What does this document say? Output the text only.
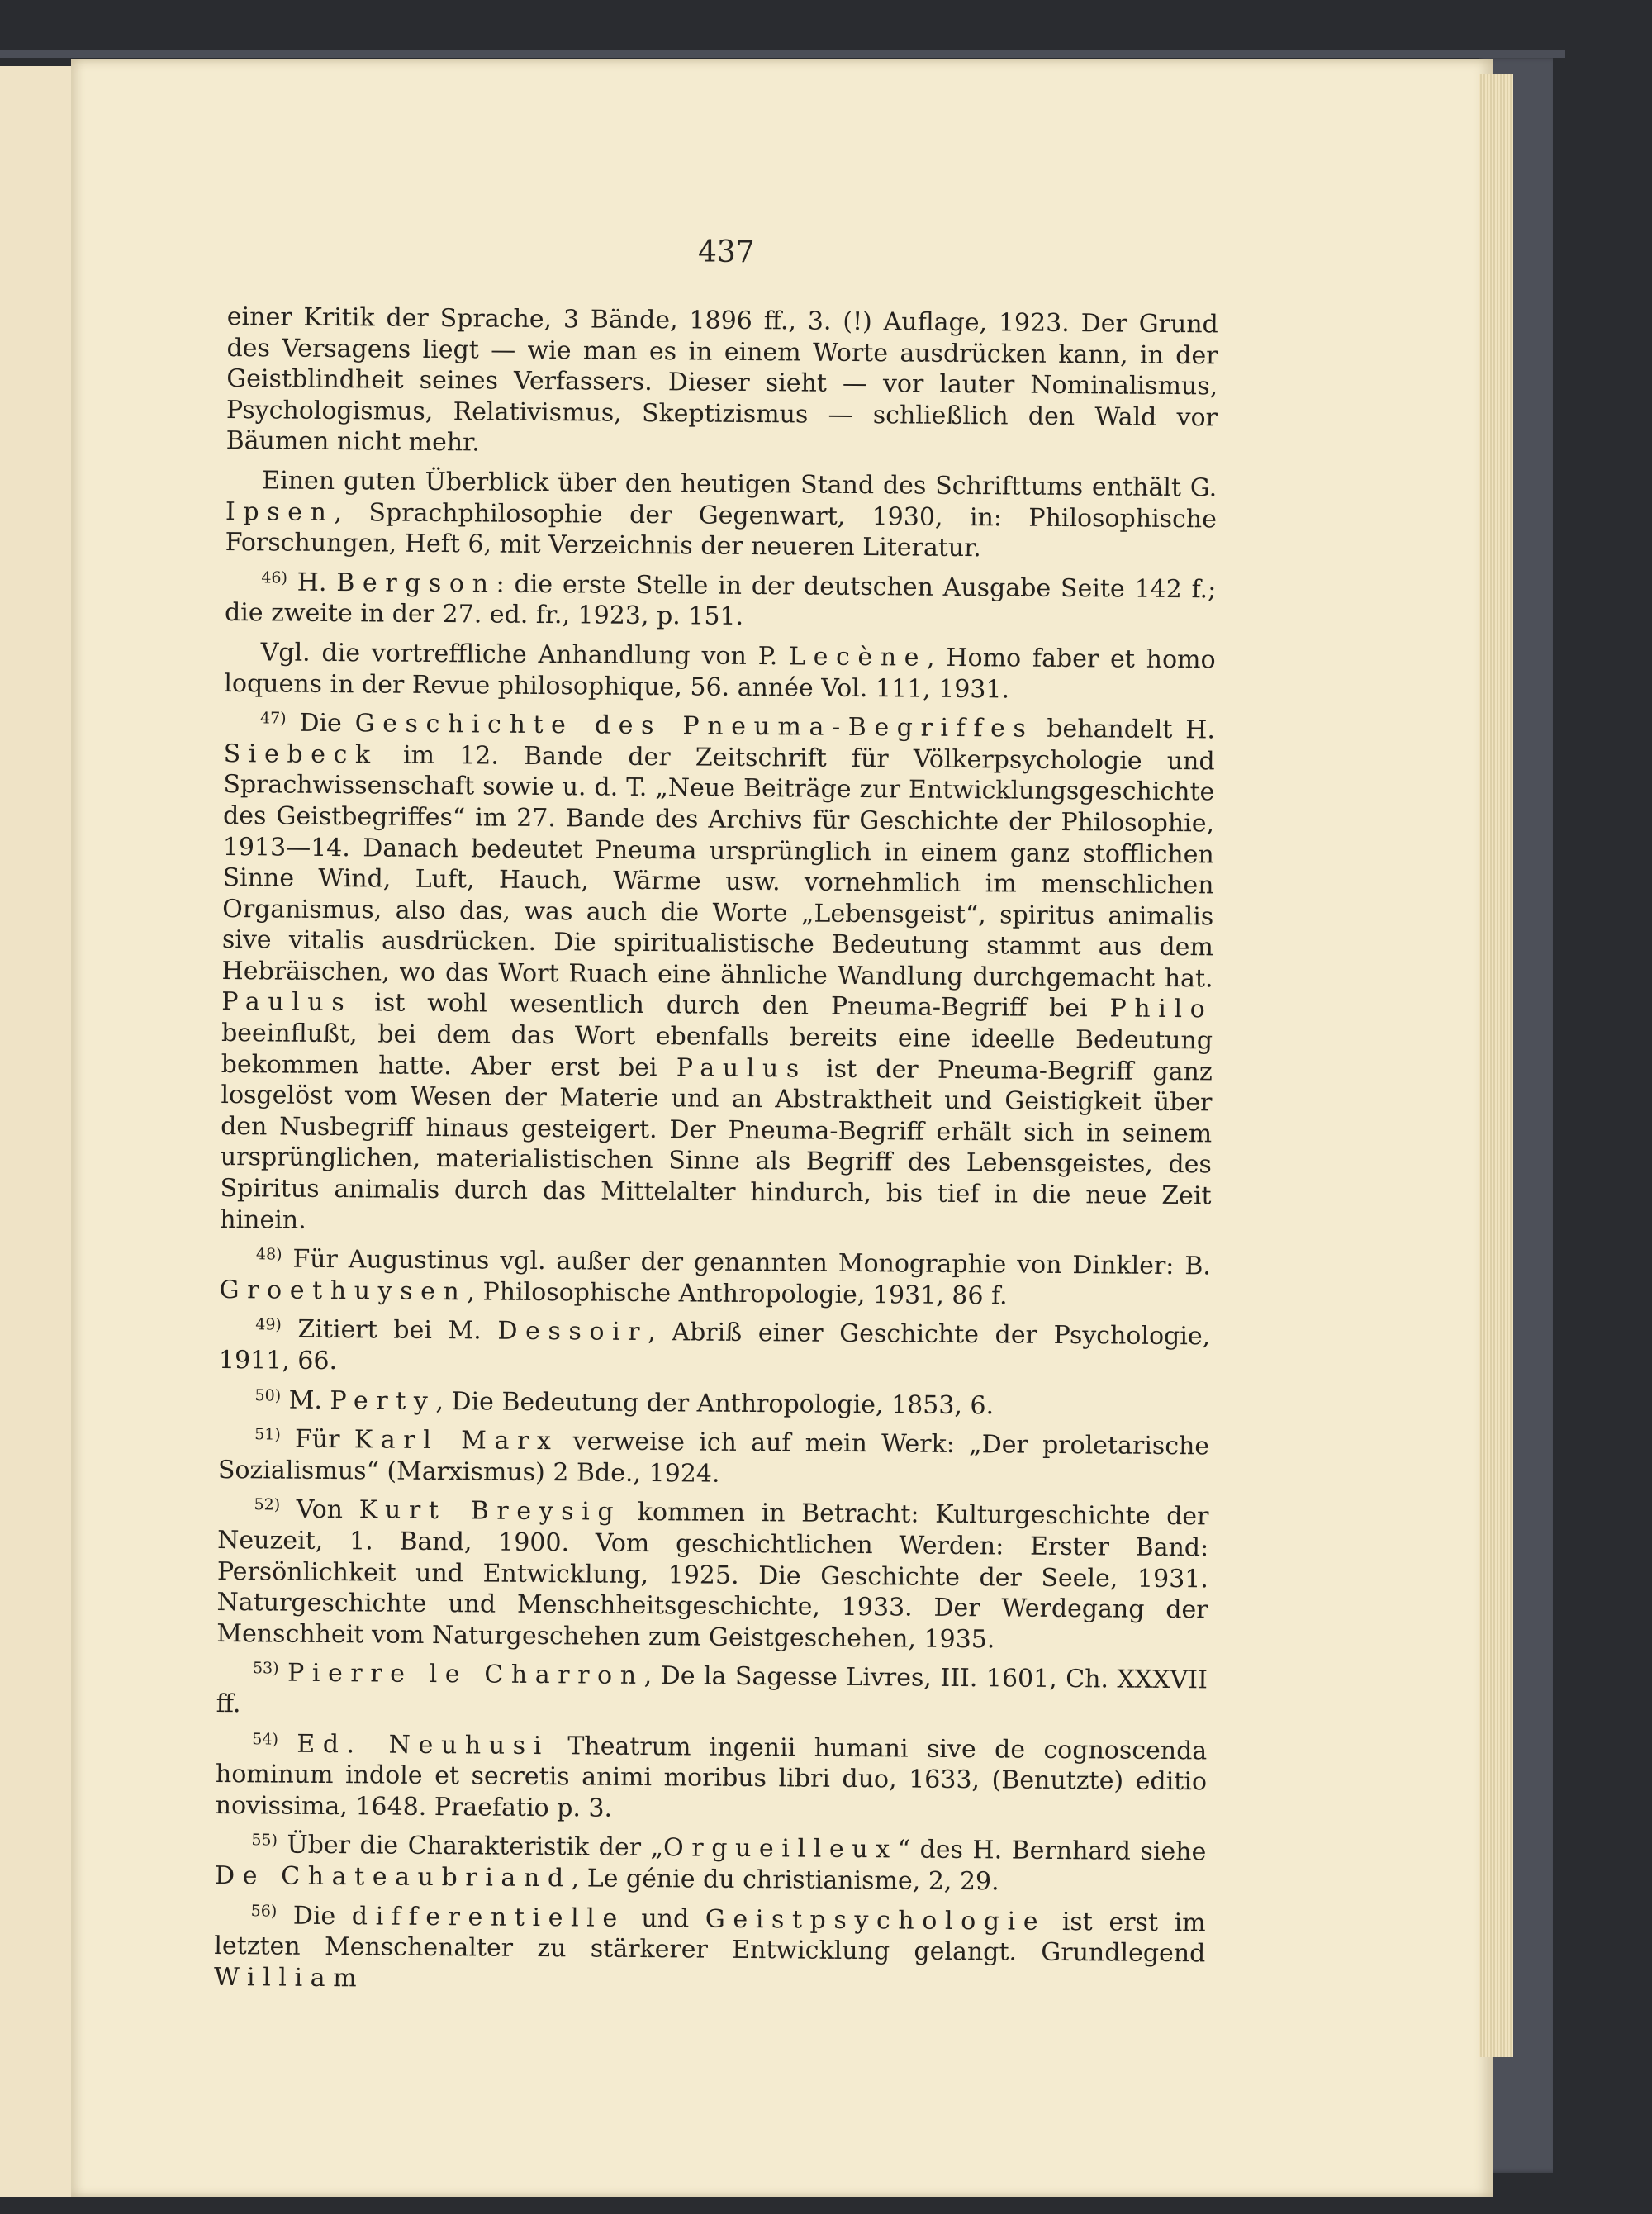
437

einer Kritik der Sprache, 3 Bände, 1896 ff., 3. (!) Auflage, 1923. Der Grund des Versagens liegt — wie man es in einem Worte ausdrücken kann, in der Geistblindheit seines Verfassers. Dieser sieht — vor lauter Nominalismus, Psychologismus, Relativismus, Skeptizismus — schließlich den Wald vor Bäumen nicht mehr.

Einen guten Überblick über den heutigen Stand des Schrifttums enthält G. Ipsen, Sprachphilosophie der Gegenwart, 1930, in: Philosophische Forschungen, Heft 6, mit Verzeichnis der neueren Literatur.

$^{46)}$ H. Bergson: die erste Stelle in der deutschen Ausgabe Seite 142 f.; die zweite in der 27. ed. fr., 1923, p. 151.

Vgl. die vortreffliche Anhandlung von P. Lecène, Homo faber et homo loquens in der Revue philosophique, 56. année Vol. 111, 1931.

$^{47)}$ Die Geschichte des Pneuma-Begriffes behandelt H. Siebeck im 12. Bande der Zeitschrift für Völkerpsychologie und Sprachwissenschaft sowie u. d. T. „Neue Beiträge zur Entwicklungsgeschichte des Geistbegriffes“ im 27. Bande des Archivs für Geschichte der Philosophie, 1913—14. Danach bedeutet Pneuma ursprünglich in einem ganz stofflichen Sinne Wind, Luft, Hauch, Wärme usw. vornehmlich im menschlichen Organismus, also das, was auch die Worte „Lebensgeist“, spiritus animalis sive vitalis ausdrücken. Die spiritualistische Bedeutung stammt aus dem Hebräischen, wo das Wort Ruach eine ähnliche Wandlung durchgemacht hat. Paulus ist wohl wesentlich durch den Pneuma-Begriff bei Philo beeinflußt, bei dem das Wort ebenfalls bereits eine ideelle Bedeutung bekommen hatte. Aber erst bei Paulus ist der Pneuma-Begriff ganz losgelöst vom Wesen der Materie und an Abstraktheit und Geistigkeit über den Nusbegriff hinaus gesteigert. Der Pneuma-Begriff erhält sich in seinem ursprünglichen, materialistischen Sinne als Begriff des Lebensgeistes, des Spiritus animalis durch das Mittelalter hindurch, bis tief in die neue Zeit hinein.

$^{48)}$ Für Augustinus vgl. außer der genannten Monographie von Dinkler: B. Groethuysen, Philosophische Anthropologie, 1931, 86 f.

$^{49)}$ Zitiert bei M. Dessoir, Abriß einer Geschichte der Psychologie, 1911, 66.

$^{50)}$ M. Perty, Die Bedeutung der Anthropologie, 1853, 6.

$^{51)}$ Für Karl Marx verweise ich auf mein Werk: „Der proletarische Sozialismus“ (Marxismus) 2 Bde., 1924.

$^{52)}$ Von Kurt Breysig kommen in Betracht: Kulturgeschichte der Neuzeit, 1. Band, 1900. Vom geschichtlichen Werden: Erster Band: Persönlichkeit und Entwicklung, 1925. Die Geschichte der Seele, 1931. Naturgeschichte und Menschheitsgeschichte, 1933. Der Werdegang der Menschheit vom Naturgeschehen zum Geistgeschehen, 1935.

$^{53)}$ Pierre le Charron, De la Sagesse Livres, III. 1601, Ch. XXXVII ff.

$^{54)}$ Ed. Neuhusi Theatrum ingenii humani sive de cognoscenda hominum indole et secretis animi moribus libri duo, 1633, (Benutzte) editio novissima, 1648. Praefatio p. 3.

$^{55)}$ Über die Charakteristik der „Orgueilleux“ des H. Bernhard siehe De Chateaubriand, Le génie du christianisme, 2, 29.

$^{56)}$ Die differentielle und Geistpsychologie ist erst im letzten Menschenalter zu stärkerer Entwicklung gelangt. Grundlegend William
